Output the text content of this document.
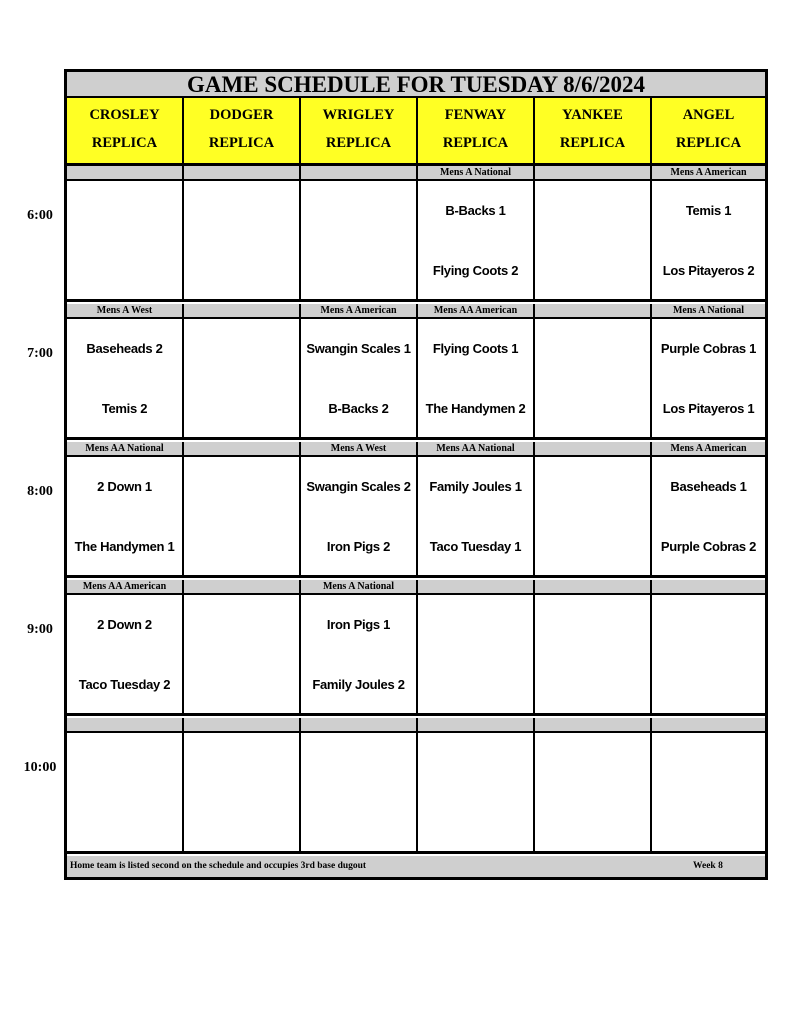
GAME SCHEDULE FOR TUESDAY 8/6/2024
CROSLEY
REPLICA
DODGER
REPLICA
WRIGLEY
REPLICA
FENWAY
REPLICA
YANKEE
REPLICA
ANGEL
REPLICA
Mens A National
B-Backs 1
Flying Coots 2
Mens A American
Temis 1
Los Pitayeros 2
Mens A West
Baseheads 2
Temis 2
Mens A American
Swangin Scales 1
B-Backs 2
Mens AA American
Flying Coots 1
The Handymen 2
Mens A National
Purple Cobras 1
Los Pitayeros 1
Mens AA National
2 Down 1
The Handymen 1
Mens A West
Swangin Scales 2
Iron Pigs 2
Mens AA National
Family Joules 1
Taco Tuesday 1
Mens A American
Baseheads 1
Purple Cobras 2
Mens AA American
2 Down 2
Taco Tuesday 2
Mens A National
Iron Pigs 1
Family Joules 2
Home team is listed second on the schedule and occupies 3rd base dugout	Week 8
6:00
7:00
8:00
9:00
10:00
